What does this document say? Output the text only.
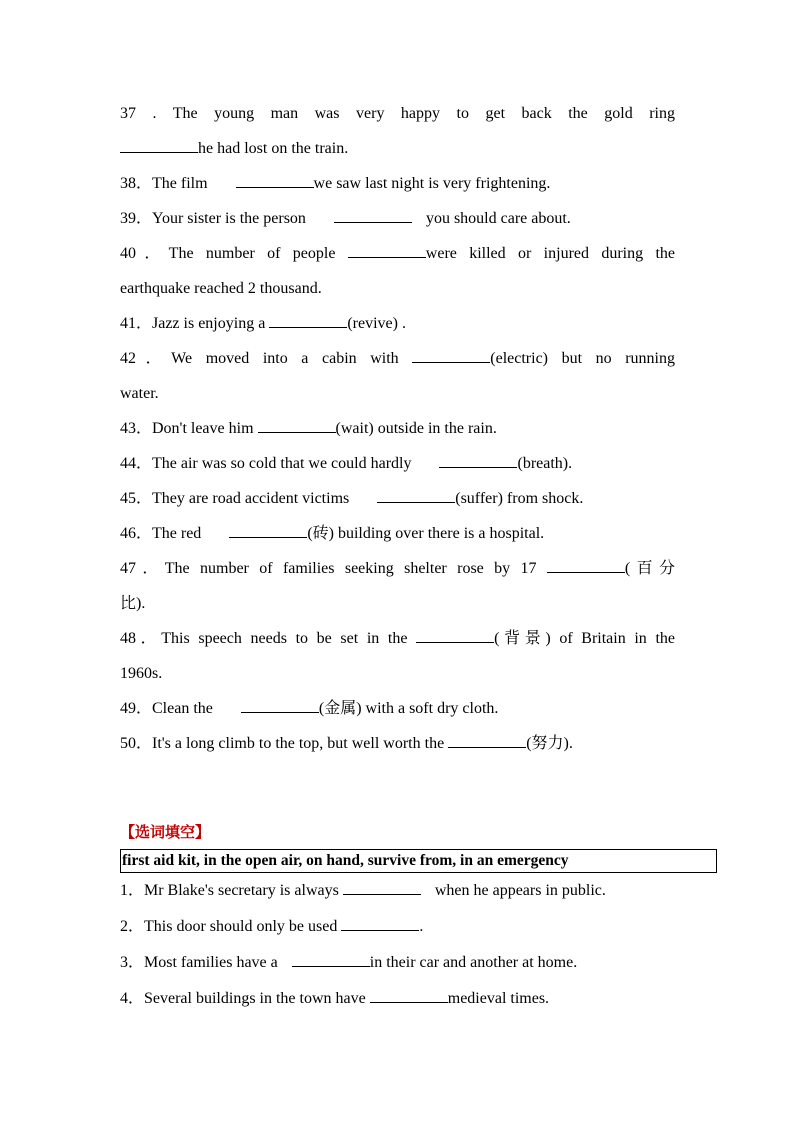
37 . The young man was very happy to get back the gold ring

he had lost on the train.

38．The film	we saw last night is very frightening.

39．Your sister is the person	you should care about.

40．The number of people	were killed or injured during the

earthquake reached 2 thousand.

41．Jazz is enjoying a	(revive) .

42．We moved into a cabin with	(electric) but no running

water.

43．Don't leave him	(wait) outside in the rain.

44．The air was so cold that we could hardly	(breath).

45．They are road accident victims	(suffer) from shock.

46．The red	(砖) building over there is a hospital.

47．The number of families seeking shelter rose by 17	(百分

比).

48．This speech needs to be set in the	(背景) of Britain in the

1960s.

49．Clean the	(金属) with a soft dry cloth.

50．It's a long climb to the top, but well worth the	(努力).

【选词填空】
first aid kit, in the open air, on hand, survive from, in an emergency

1．Mr Blake's secretary is always	when he appears in public.

2．This door should only be used	.

3．Most families have a	in their car and another at home.

4．Several buildings in the town have	medieval times.
